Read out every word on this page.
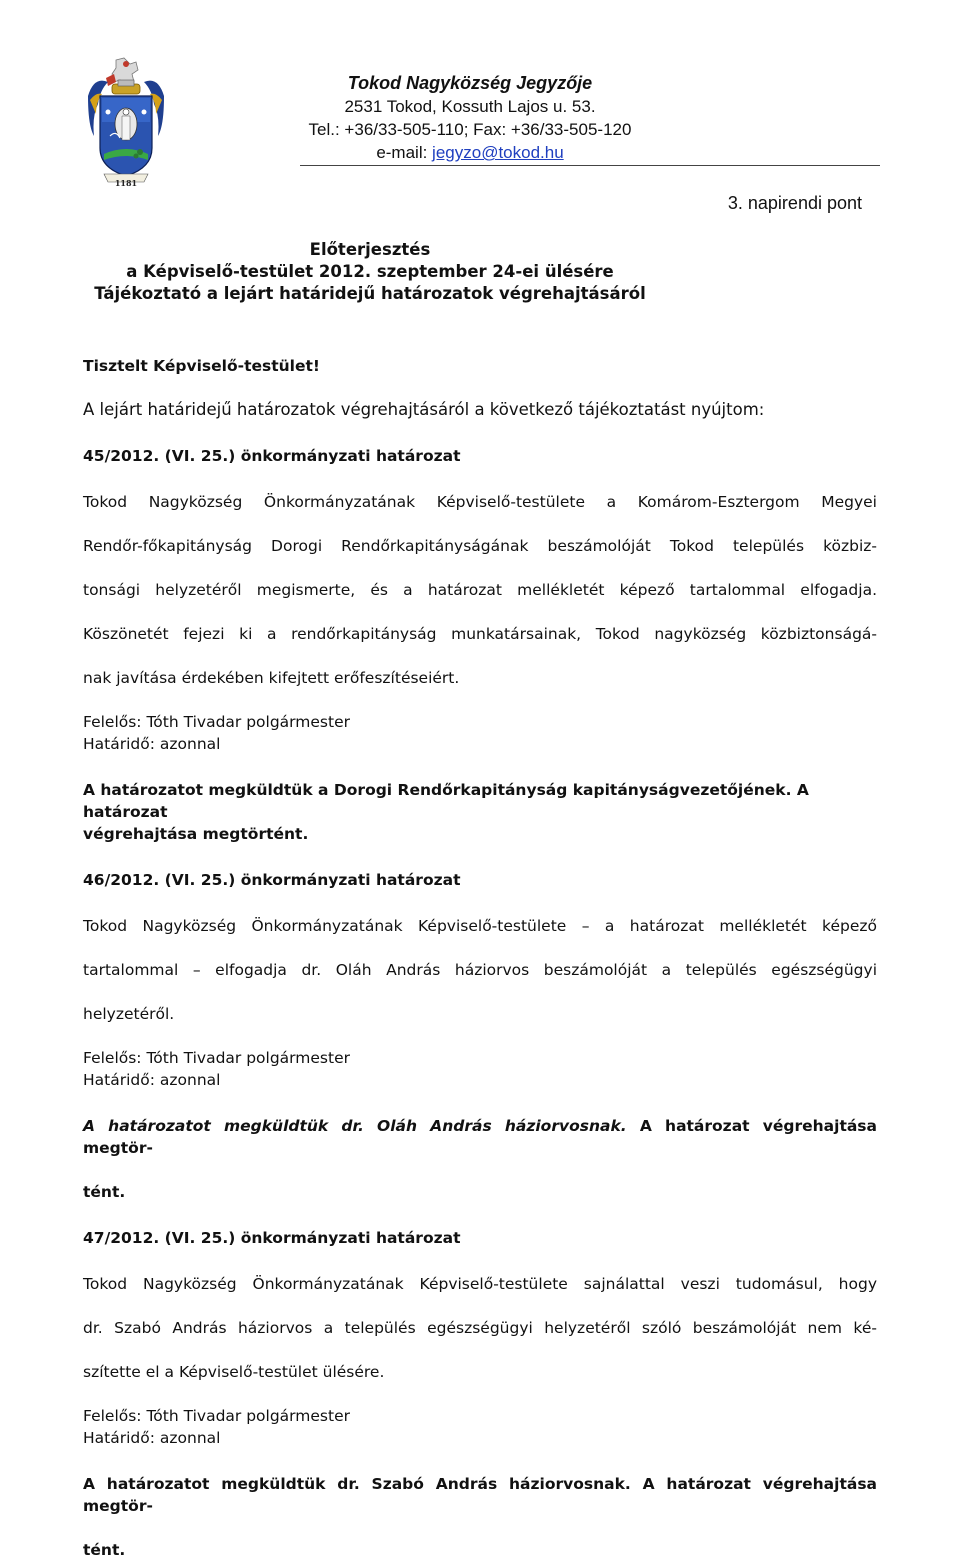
1181
Tokod Nagyközség Jegyzője
2531 Tokod, Kossuth Lajos u. 53.
Tel.: +36/33-505-110; Fax: +36/33-505-120
e-mail: jegyzo@tokod.hu
3. napirendi pont
Előterjesztés
a Képviselő-testület 2012. szeptember 24-ei ülésére
Tájékoztató a lejárt határidejű határozatok végrehajtásáról

Tisztelt Képviselő-testület!

A lejárt határidejű határozatok végrehajtásáról a következő tájékoztatást nyújtom:

45/2012. (VI. 25.) önkormányzati határozat

Tokod Nagyközség Önkormányzatának Képviselő-testülete a Komárom-Esztergom Megyei

Rendőr-főkapitányság Dorogi Rendőrkapitányságának beszámolóját Tokod település közbiz-

tonsági helyzetéről megismerte, és a határozat mellékletét képező tartalommal elfogadja.

Köszönetét fejezi ki a rendőrkapitányság munkatársainak, Tokod nagyközség közbiztonságá-

nak javítása érdekében kifejtett erőfeszítéseiért.

Felelős: Tóth Tivadar polgármester

Határidő: azonnal

A határozatot megküldtük a Dorogi Rendőrkapitányság kapitányságvezetőjének. A határozat

végrehajtása megtörtént.

46/2012. (VI. 25.) önkormányzati határozat

Tokod Nagyközség Önkormányzatának Képviselő-testülete – a határozat mellékletét képező

tartalommal – elfogadja dr. Oláh András háziorvos beszámolóját a település egészségügyi

helyzetéről.

Felelős: Tóth Tivadar polgármester

Határidő: azonnal

A határozatot megküldtük dr. Oláh András háziorvosnak. A határozat végrehajtása megtör-

tént.

47/2012. (VI. 25.) önkormányzati határozat

Tokod Nagyközség Önkormányzatának Képviselő-testülete sajnálattal veszi tudomásul, hogy

dr. Szabó András háziorvos a település egészségügyi helyzetéről szóló beszámolóját nem ké-

szítette el a Képviselő-testület ülésére.

Felelős: Tóth Tivadar polgármester

Határidő: azonnal

A határozatot megküldtük dr. Szabó András háziorvosnak. A határozat végrehajtása megtör-

tént.
